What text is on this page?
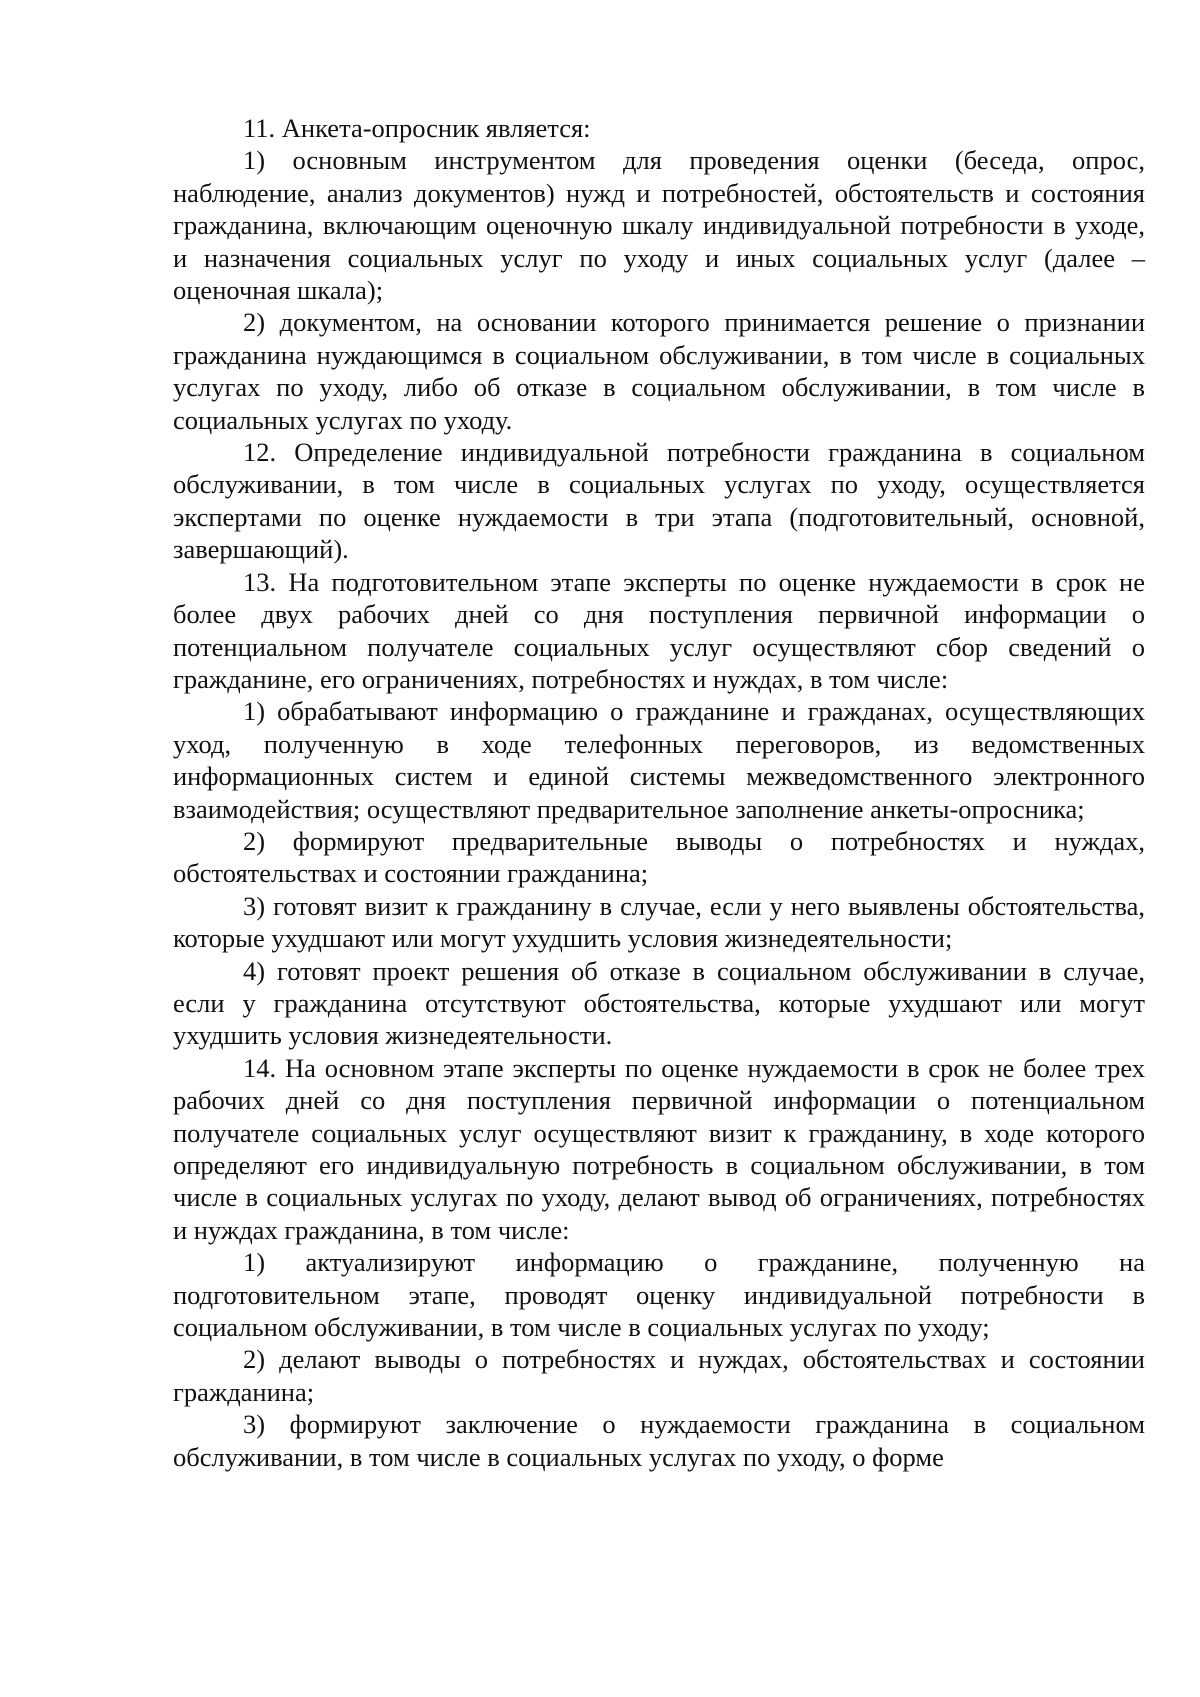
11. Анкета-опросник является:

1) основным инструментом для проведения оценки (беседа, опрос, наблюдение, анализ документов) нужд и потребностей, обстоятельств и состояния гражданина, включающим оценочную шкалу индивидуальной потребности в уходе, и назначения социальных услуг по уходу и иных социальных услуг (далее – оценочная шкала);

2) документом, на основании которого принимается решение о признании гражданина нуждающимся в социальном обслуживании, в том числе в социальных услугах по уходу, либо об отказе в социальном обслуживании, в том числе в социальных услугах по уходу.

12. Определение индивидуальной потребности гражданина в социальном обслуживании, в том числе в социальных услугах по уходу, осуществляется экспертами по оценке нуждаемости в три этапа (подготовительный, основной, завершающий).

13. На подготовительном этапе эксперты по оценке нуждаемости в срок не более двух рабочих дней со дня поступления первичной информации о потенциальном получателе социальных услуг осуществляют сбор сведений о гражданине, его ограничениях, потребностях и нуждах, в том числе:

1) обрабатывают информацию о гражданине и гражданах, осуществляющих уход, полученную в ходе телефонных переговоров, из ведомственных информационных систем и единой системы межведомственного электронного взаимодействия; осуществляют предварительное заполнение анкеты-опросника;

2) формируют предварительные выводы о потребностях и нуждах, обстоятельствах и состоянии гражданина;

3) готовят визит к гражданину в случае, если у него выявлены обстоятельства, которые ухудшают или могут ухудшить условия жизнедеятельности;

4) готовят проект решения об отказе в социальном обслуживании в случае, если у гражданина отсутствуют обстоятельства, которые ухудшают или могут ухудшить условия жизнедеятельности.

14. На основном этапе эксперты по оценке нуждаемости в срок не более трех рабочих дней со дня поступления первичной информации о потенциальном получателе социальных услуг осуществляют визит к гражданину, в ходе которого определяют его индивидуальную потребность в социальном обслуживании, в том числе в социальных услугах по уходу, делают вывод об ограничениях, потребностях и нуждах гражданина, в том числе:

1) актуализируют информацию о гражданине, полученную на подготовительном этапе, проводят оценку индивидуальной потребности в социальном обслуживании, в том числе в социальных услугах по уходу;

2) делают выводы о потребностях и нуждах, обстоятельствах и состоянии гражданина;

3) формируют заключение о нуждаемости гражданина в социальном обслуживании, в том числе в социальных услугах по уходу, о форме
